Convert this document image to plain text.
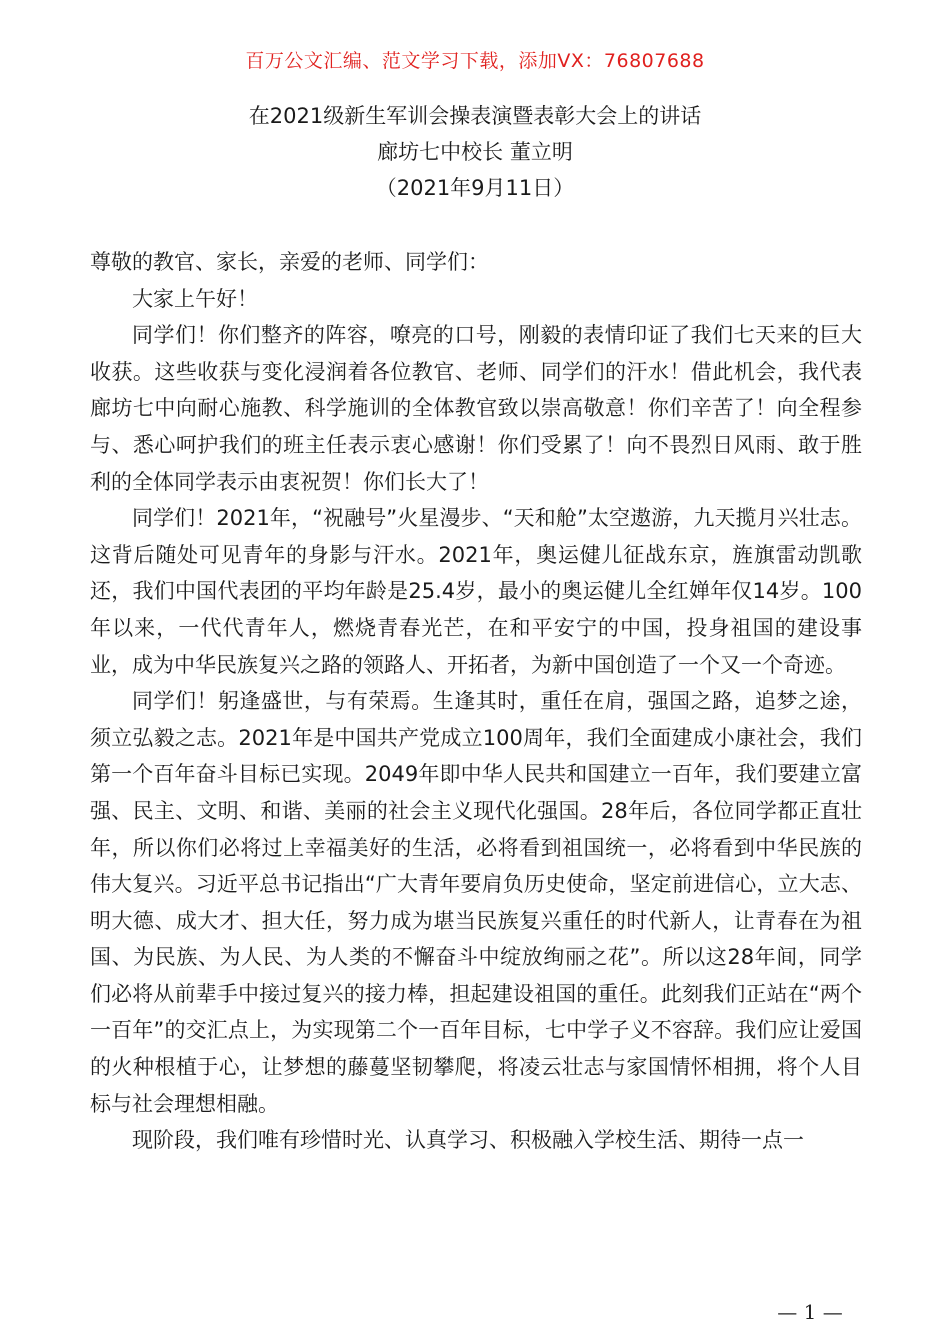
百万公文汇编、范文学习下载，添加VX：76807688
在2021级新生军训会操表演暨表彰大会上的讲话
廊坊七中校长 董立明
（2021年9月11日）

尊敬的教官、家长，亲爱的老师、同学们：

大家上午好！

同学们！你们整齐的阵容，嘹亮的口号，刚毅的表情印证了我们七天来的巨大收获。这些收获与变化浸润着各位教官、老师、同学们的汗水！借此机会，我代表廊坊七中向耐心施教、科学施训的全体教官致以崇高敬意！你们辛苦了！向全程参与、悉心呵护我们的班主任表示衷心感谢！你们受累了！向不畏烈日风雨、敢于胜利的全体同学表示由衷祝贺！你们长大了！

同学们！2021年，“祝融号”火星漫步、“天和舱”太空遨游，九天揽月兴壮志。这背后随处可见青年的身影与汗水。2021年，奥运健儿征战东京，旌旗雷动凯歌还，我们中国代表团的平均年龄是25.4岁，最小的奥运健儿全红婵年仅14岁。100年以来，一代代青年人，燃烧青春光芒，在和平安宁的中国，投身祖国的建设事业，成为中华民族复兴之路的领路人、开拓者，为新中国创造了一个又一个奇迹。

同学们！躬逢盛世，与有荣焉。生逢其时，重任在肩，强国之路，追梦之途，须立弘毅之志。2021年是中国共产党成立100周年，我们全面建成小康社会，我们第一个百年奋斗目标已实现。2049年即中华人民共和国建立一百年，我们要建立富强、民主、文明、和谐、美丽的社会主义现代化强国。28年后，各位同学都正直壮年，所以你们必将过上幸福美好的生活，必将看到祖国统一，必将看到中华民族的伟大复兴。习近平总书记指出“广大青年要肩负历史使命，坚定前进信心，立大志、明大德、成大才、担大任，努力成为堪当民族复兴重任的时代新人，让青春在为祖国、为民族、为人民、为人类的不懈奋斗中绽放绚丽之花”。所以这28年间，同学们必将从前辈手中接过复兴的接力棒，担起建设祖国的重任。此刻我们正站在“两个一百年”的交汇点上，为实现第二个一百年目标，七中学子义不容辞。我们应让爱国的火种根植于心，让梦想的藤蔓坚韧攀爬，将凌云壮志与家国情怀相拥，将个人目标与社会理想相融。

现阶段，我们唯有珍惜时光、认真学习、积极融入学校生活、期待一点一

— 1 —
